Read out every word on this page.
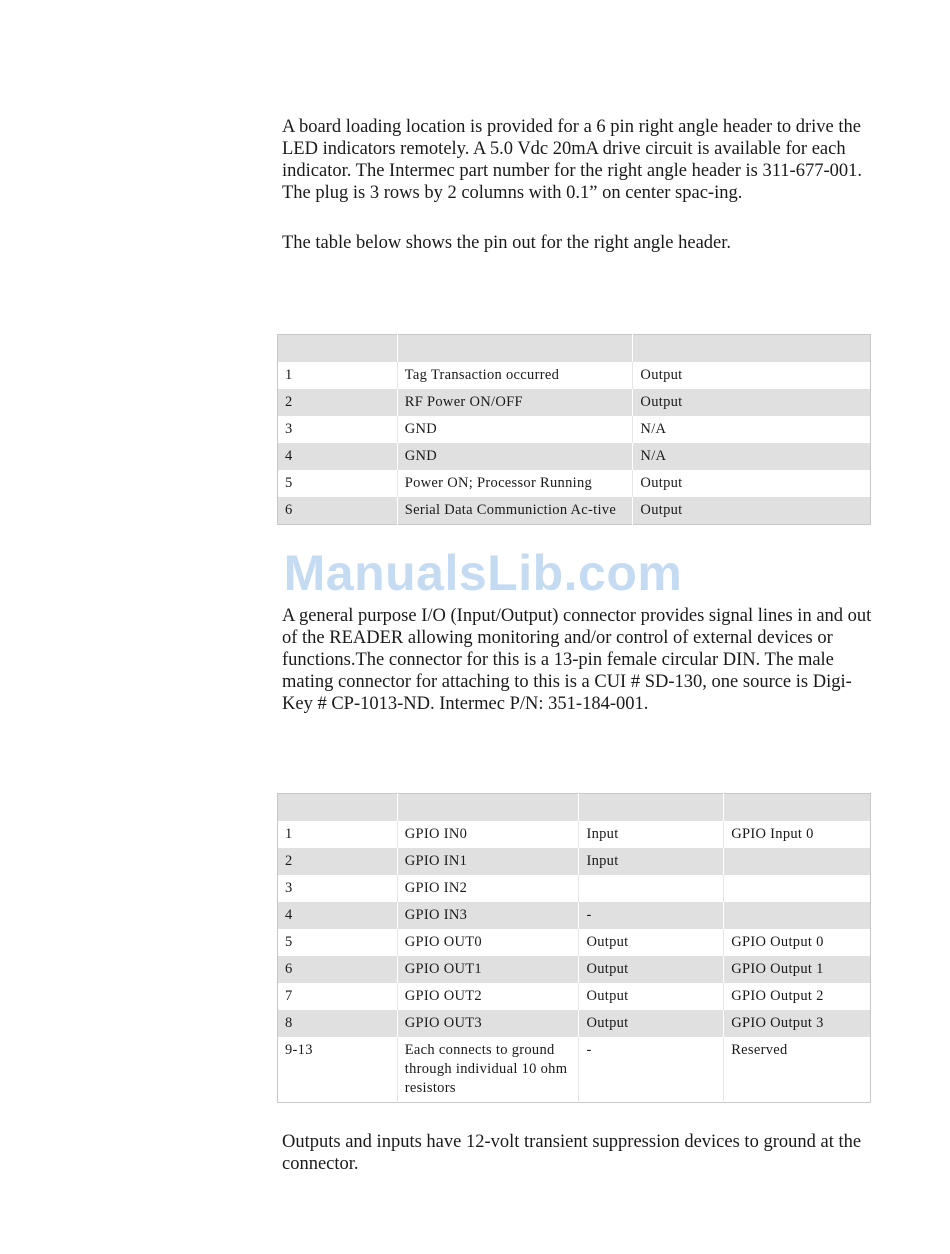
A board loading location is provided for a 6 pin right angle header to drive the LED indicators remotely. A 5.0 Vdc 20mA drive circuit is available for each indicator. The Intermec part number for the right angle header is 311-677-001. The plug is 3 rows by 2 columns with 0.1” on center spac-ing.

The table below shows the pin out for the right angle header.

1	Tag Transaction occurred	Output
2	RF Power ON/OFF	Output
3	GND	N/A
4	GND	N/A
5	Power ON; Processor Running	Output
6	Serial Data Communiction Ac-tive	Output
ManualsLib.com

A general purpose I/O (Input/Output) connector provides signal lines in and out of the READER allowing monitoring and/or control of external devices or functions.The connector for this is a 13-pin female circular DIN. The male mating connector for attaching to this is a CUI # SD-130, one source is Digi-Key # CP-1013-ND. Intermec P/N: 351-184-001.

1	GPIO IN0	Input	GPIO Input 0
2	GPIO IN1	Input	
3	GPIO IN2		
4	GPIO IN3	-	
5	GPIO OUT0	Output	GPIO Output 0
6	GPIO OUT1	Output	GPIO Output 1
7	GPIO OUT2	Output	GPIO Output 2
8	GPIO OUT3	Output	GPIO Output 3
9-13	Each connects to ground through individual 10 ohm resistors	-	Reserved

Outputs and inputs have 12-volt transient suppression devices to ground at the connector.
